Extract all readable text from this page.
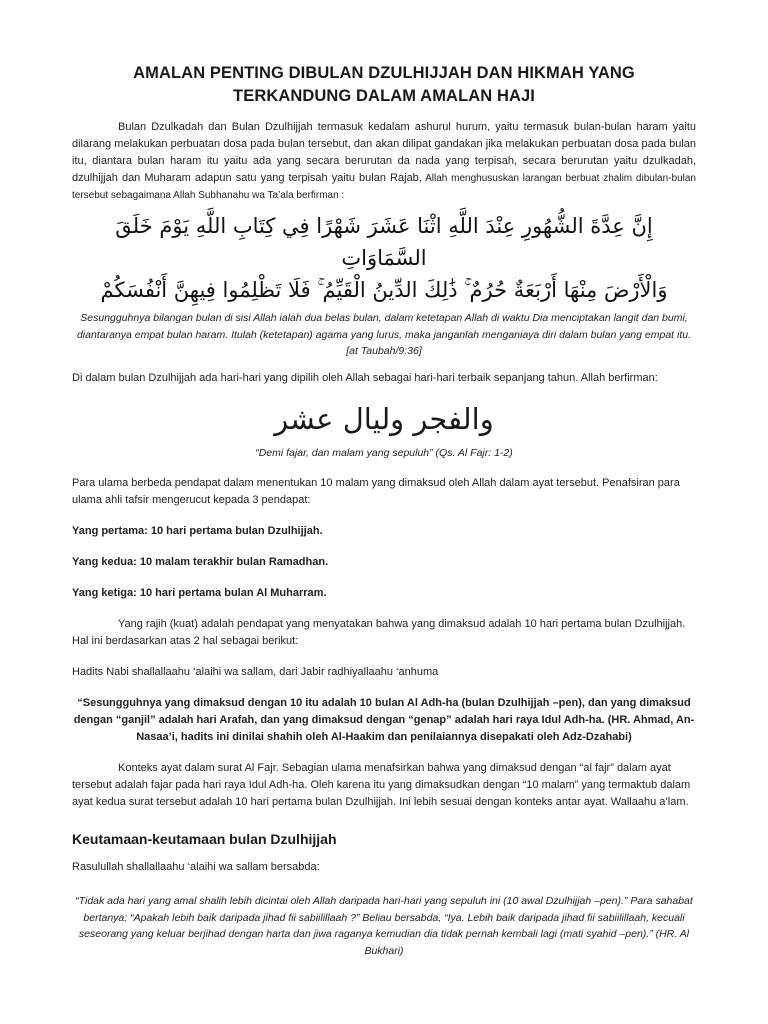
AMALAN PENTING DIBULAN DZULHIJJAH DAN HIKMAH YANG
TERKANDUNG DALAM AMALAN HAJI

Bulan Dzulkadah dan Bulan Dzulhijjah termasuk kedalam ashurul hurum, yaitu termasuk bulan-bulan haram yaitu dilarang melakukan perbuatan dosa pada bulan tersebut, dan akan dilipat gandakan jika melakukan perbuatan dosa pada bulan itu, diantara bulan haram itu yaitu ada yang secara berurutan da nada yang terpisah, secara berurutan yaitu dzulkadah, dzulhijjah dan Muharam adapun satu yang terpisah yaitu bulan Rajab, Allah menghususkan larangan berbuat zhalim dibulan-bulan tersebut sebagaimana Allah Subhanahu wa Ta’ala berfirman :

إِنَّ عِدَّةَ الشُّهُورِ عِنْدَ اللَّهِ اثْنَا عَشَرَ شَهْرًا فِي كِتَابِ اللَّهِ يَوْمَ خَلَقَ السَّمَاوَاتِ
وَالْأَرْضَ مِنْهَا أَرْبَعَةٌ حُرُمٌ ۚ ذَٰلِكَ الدِّينُ الْقَيِّمُ ۚ فَلَا تَظْلِمُوا فِيهِنَّ أَنْفُسَكُمْ

Sesungguhnya bilangan bulan di sisi Allah ialah dua belas bulan, dalam ketetapan Allah di waktu Dia menciptakan langit dan bumi, diantaranya empat bulan haram. Itulah (ketetapan) agama yang lurus, maka janganlah menganiaya diri dalam bulan yang empat itu. [at Taubah/9:36]

Di dalam bulan Dzulhijjah ada hari-hari yang dipilih oleh Allah sebagai hari-hari terbaik sepanjang tahun. Allah berfirman:

والفجر وليال عشر

“Demi fajar, dan malam yang sepuluh” (Qs. Al Fajr: 1-2)

Para ulama berbeda pendapat dalam menentukan 10 malam yang dimaksud oleh Allah dalam ayat tersebut. Penafsiran para ulama ahli tafsir mengerucut kepada 3 pendapat:

Yang pertama: 10 hari pertama bulan Dzulhijjah.

Yang kedua: 10 malam terakhir bulan Ramadhan.

Yang ketiga: 10 hari pertama bulan Al Muharram.

Yang rajih (kuat) adalah pendapat yang menyatakan bahwa yang dimaksud adalah 10 hari pertama bulan Dzulhijjah. Hal ini berdasarkan atas 2 hal sebagai berikut:

Hadits Nabi shallallaahu ‘alaihi wa sallam, dari Jabir radhiyallaahu ‘anhuma

“Sesungguhnya yang dimaksud dengan 10 itu adalah 10 bulan Al Adh-ha (bulan Dzulhijjah –pen), dan yang dimaksud dengan “ganjil” adalah hari Arafah, dan yang dimaksud dengan “genap” adalah hari raya Idul Adh-ha. (HR. Ahmad, An-Nasaa’i, hadits ini dinilai shahih oleh Al-Haakim dan penilaiannya disepakati oleh Adz-Dzahabi)

Konteks ayat dalam surat Al Fajr. Sebagian ulama menafsirkan bahwa yang dimaksud dengan “al fajr” dalam ayat tersebut adalah fajar pada hari raya Idul Adh-ha. Oleh karena itu yang dimaksudkan dengan “10 malam” yang termaktub dalam ayat kedua surat tersebut adalah 10 hari pertama bulan Dzulhijjah. Ini lebih sesuai dengan konteks antar ayat. Wallaahu a’lam.

Keutamaan-keutamaan bulan Dzulhijjah

Rasulullah shallallaahu ‘alaihi wa sallam bersabda:

“Tidak ada hari yang amal shalih lebih dicintai oleh Allah daripada hari-hari yang sepuluh ini (10 awal Dzulhijjah –pen).” Para sahabat bertanya: “Apakah lebih baik daripada jihad fii sabiilillaah ?” Beliau bersabda, “Iya. Lebih baik daripada jihad fii sabiilillaah, kecuali seseorang yang keluar berjihad dengan harta dan jiwa raganya kemudian dia tidak pernah kembali lagi (mati syahid –pen).” (HR. Al Bukhari)
